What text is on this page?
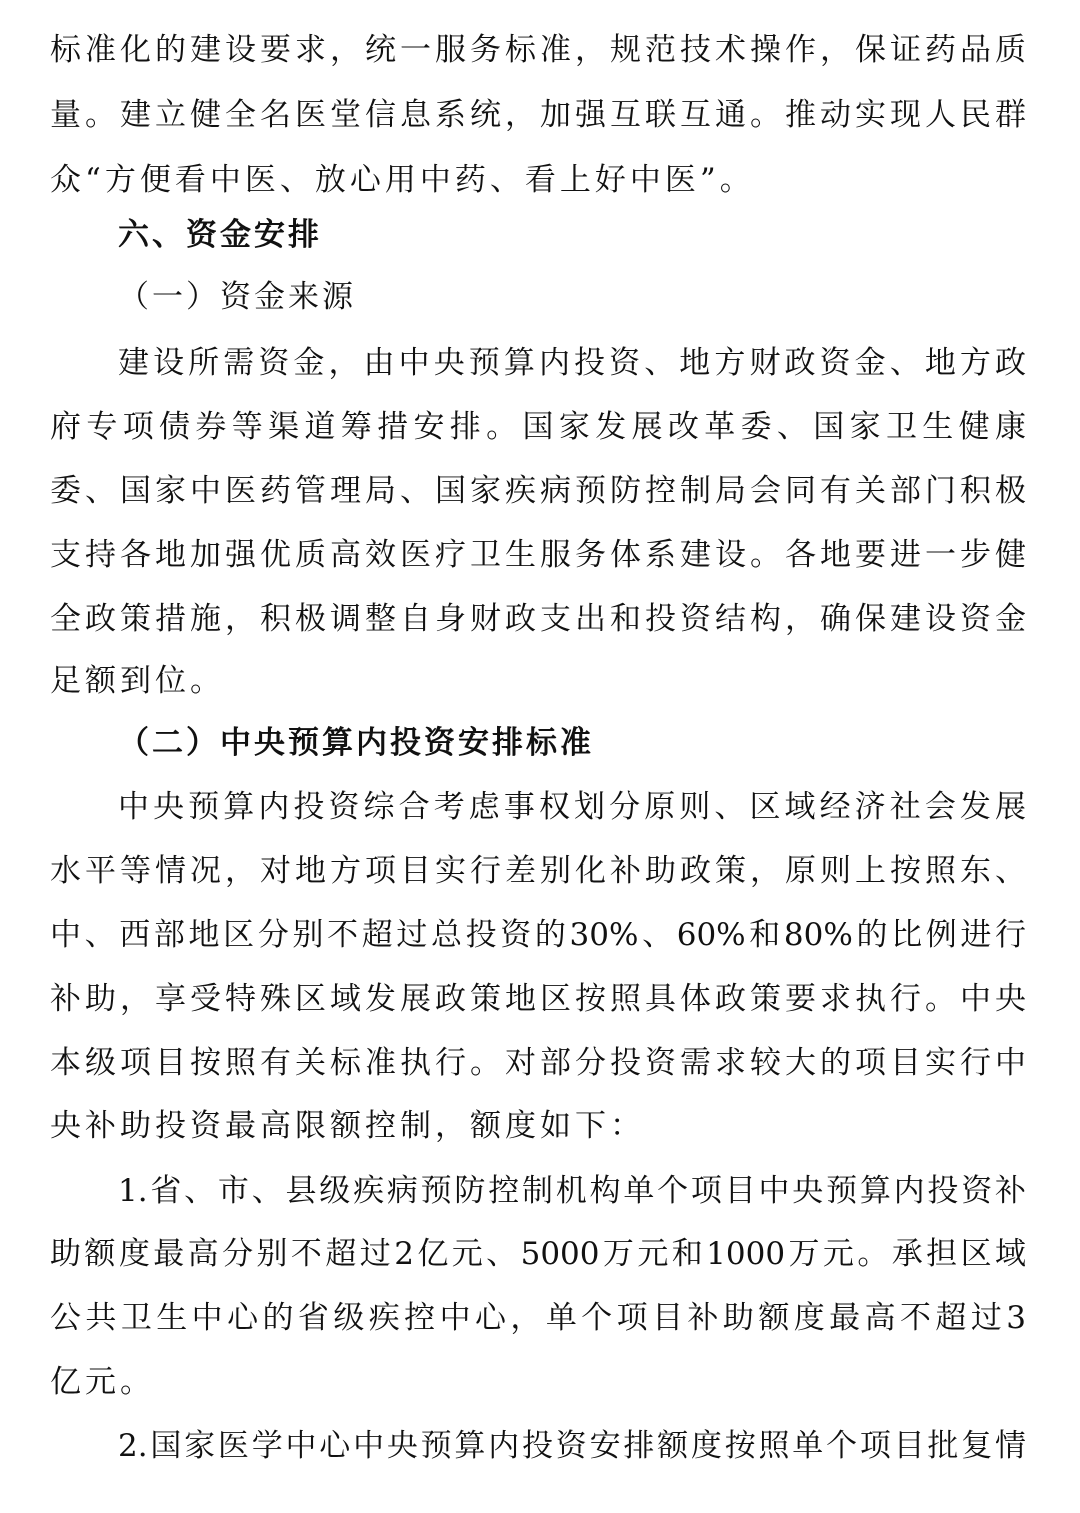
标准化的建设要求，统一服务标准，规范技术操作，保证药品质
量。建立健全名医堂信息系统，加强互联互通。推动实现人民群
众“方便看中医、放心用中药、看上好中医”。
六、资金安排
（一）资金来源
建设所需资金，由中央预算内投资、地方财政资金、地方政
府专项债券等渠道筹措安排。国家发展改革委、国家卫生健康
委、国家中医药管理局、国家疾病预防控制局会同有关部门积极
支持各地加强优质高效医疗卫生服务体系建设。各地要进一步健
全政策措施，积极调整自身财政支出和投资结构，确保建设资金
足额到位。
（二）中央预算内投资安排标准
中央预算内投资综合考虑事权划分原则、区域经济社会发展
水平等情况，对地方项目实行差别化补助政策，原则上按照东、
中、西部地区分别不超过总投资的30%、60%和80%的比例进行
补助，享受特殊区域发展政策地区按照具体政策要求执行。中央
本级项目按照有关标准执行。对部分投资需求较大的项目实行中
央补助投资最高限额控制，额度如下：
1.省、市、县级疾病预防控制机构单个项目中央预算内投资补
助额度最高分别不超过2亿元、5000万元和1000万元。承担区域
公共卫生中心的省级疾控中心，单个项目补助额度最高不超过3
亿元。
2.国家医学中心中央预算内投资安排额度按照单个项目批复情
